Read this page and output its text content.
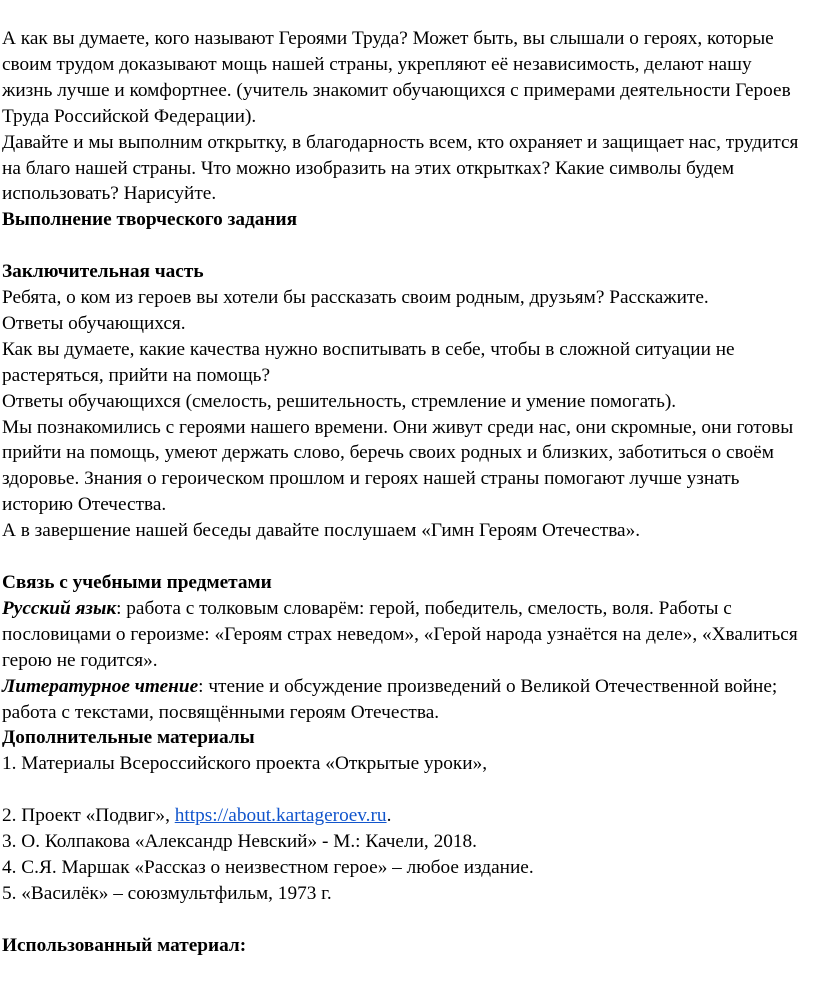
А как вы думаете, кого называют Героями Труда? Может быть, вы слышали о героях, которые

своим трудом доказывают мощь нашей страны, укрепляют её независимость, делают нашу

жизнь лучше и комфортнее. (учитель знакомит обучающихся с примерами деятельности Героев

Труда Российской Федерации).

Давайте и мы выполним открытку, в благодарность всем, кто охраняет и защищает нас, трудится

на благо нашей страны. Что можно изобразить на этих открытках? Какие символы будем

использовать? Нарисуйте.

Выполнение творческого задания

Заключительная часть

Ребята, о ком из героев вы хотели бы рассказать своим родным, друзьям? Расскажите.

Ответы обучающихся.

Как вы думаете, какие качества нужно воспитывать в себе, чтобы в сложной ситуации не

растеряться, прийти на помощь?

Ответы обучающихся (смелость, решительность, стремление и умение помогать).

Мы познакомились с героями нашего времени. Они живут среди нас, они скромные, они готовы

прийти на помощь, умеют держать слово, беречь своих родных и близких, заботиться о своём

здоровье. Знания о героическом прошлом и героях нашей страны помогают лучше узнать

историю Отечества.

А в завершение нашей беседы давайте послушаем «Гимн Героям Отечества».

Связь с учебными предметами

Русский язык: работа с толковым словарём: герой, победитель, смелость, воля. Работы с

пословицами о героизме: «Героям страх неведом», «Герой народа узнаётся на деле», «Хвалиться

герою не годится».

Литературное чтение: чтение и обсуждение произведений о Великой Отечественной войне;

работа с текстами, посвящёнными героям Отечества.

Дополнительные материалы

1. Материалы Всероссийского проекта «Открытые уроки»,

2. Проект «Подвиг», https://about.kartageroev.ru.

3. О. Колпакова «Александр Невский» - М.: Качели, 2018.

4. С.Я. Маршак «Рассказ о неизвестном герое» – любое издание.

5. «Василёк» – союзмультфильм, 1973 г.

Использованный материал:
